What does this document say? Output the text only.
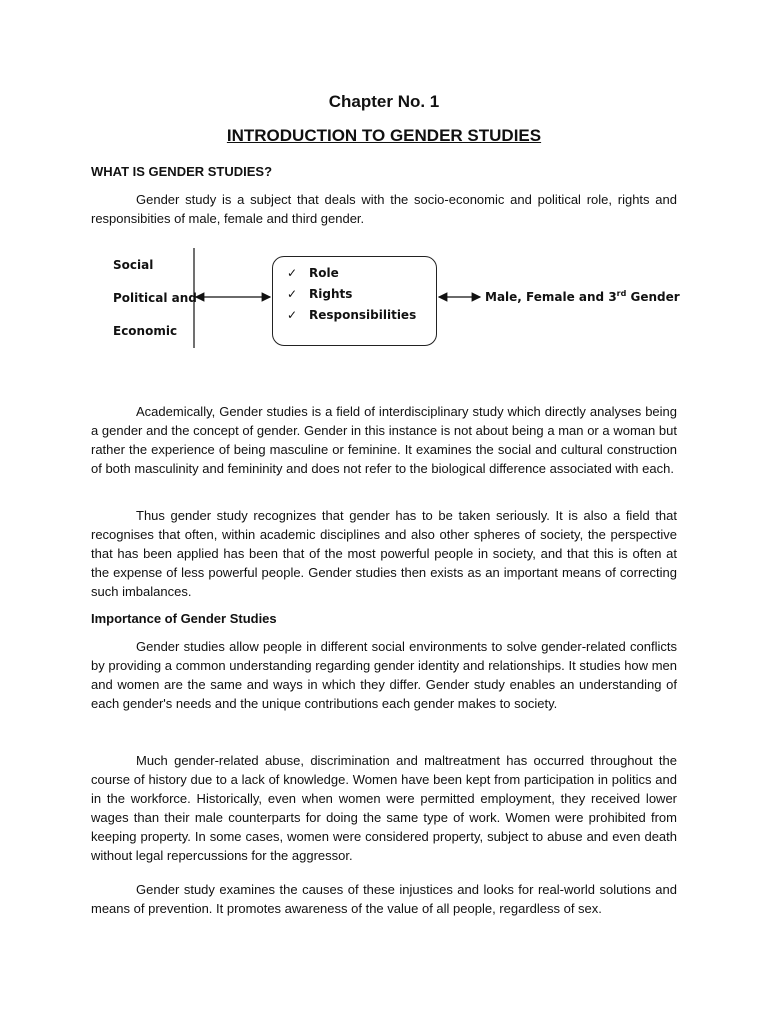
Chapter No. 1
INTRODUCTION TO GENDER STUDIES
WHAT IS GENDER STUDIES?

Gender study is a subject that deals with the socio-economic and political role, rights and responsibities of male, female and third gender.

Social
Political and
Economic
✓ Role
✓ Rights
✓ Responsibilities
Male, Female and 3rd Gender

Academically, Gender studies is a field of interdisciplinary study which directly analyses being a gender and the concept of gender. Gender in this instance is not about being a man or a woman but rather the experience of being masculine or feminine. It examines the social and cultural construction of both masculinity and femininity and does not refer to the biological difference associated with each.

Thus gender study recognizes that gender has to be taken seriously. It is also a field that recognises that often, within academic disciplines and also other spheres of society, the perspective that has been applied has been that of the most powerful people in society, and that this is often at the expense of less powerful people. Gender studies then exists as an important means of correcting such imbalances.

Importance of Gender Studies

Gender studies allow people in different social environments to solve gender-related conflicts by providing a common understanding regarding gender identity and relationships. It studies how men and women are the same and ways in which they differ. Gender study enables an understanding of each gender's needs and the unique contributions each gender makes to society.

Much gender-related abuse, discrimination and maltreatment has occurred throughout the course of history due to a lack of knowledge. Women have been kept from participation in politics and in the workforce. Historically, even when women were permitted employment, they received lower wages than their male counterparts for doing the same type of work. Women were prohibited from keeping property. In some cases, women were considered property, subject to abuse and even death without legal repercussions for the aggressor.

Gender study examines the causes of these injustices and looks for real-world solutions and means of prevention. It promotes awareness of the value of all people, regardless of sex.
